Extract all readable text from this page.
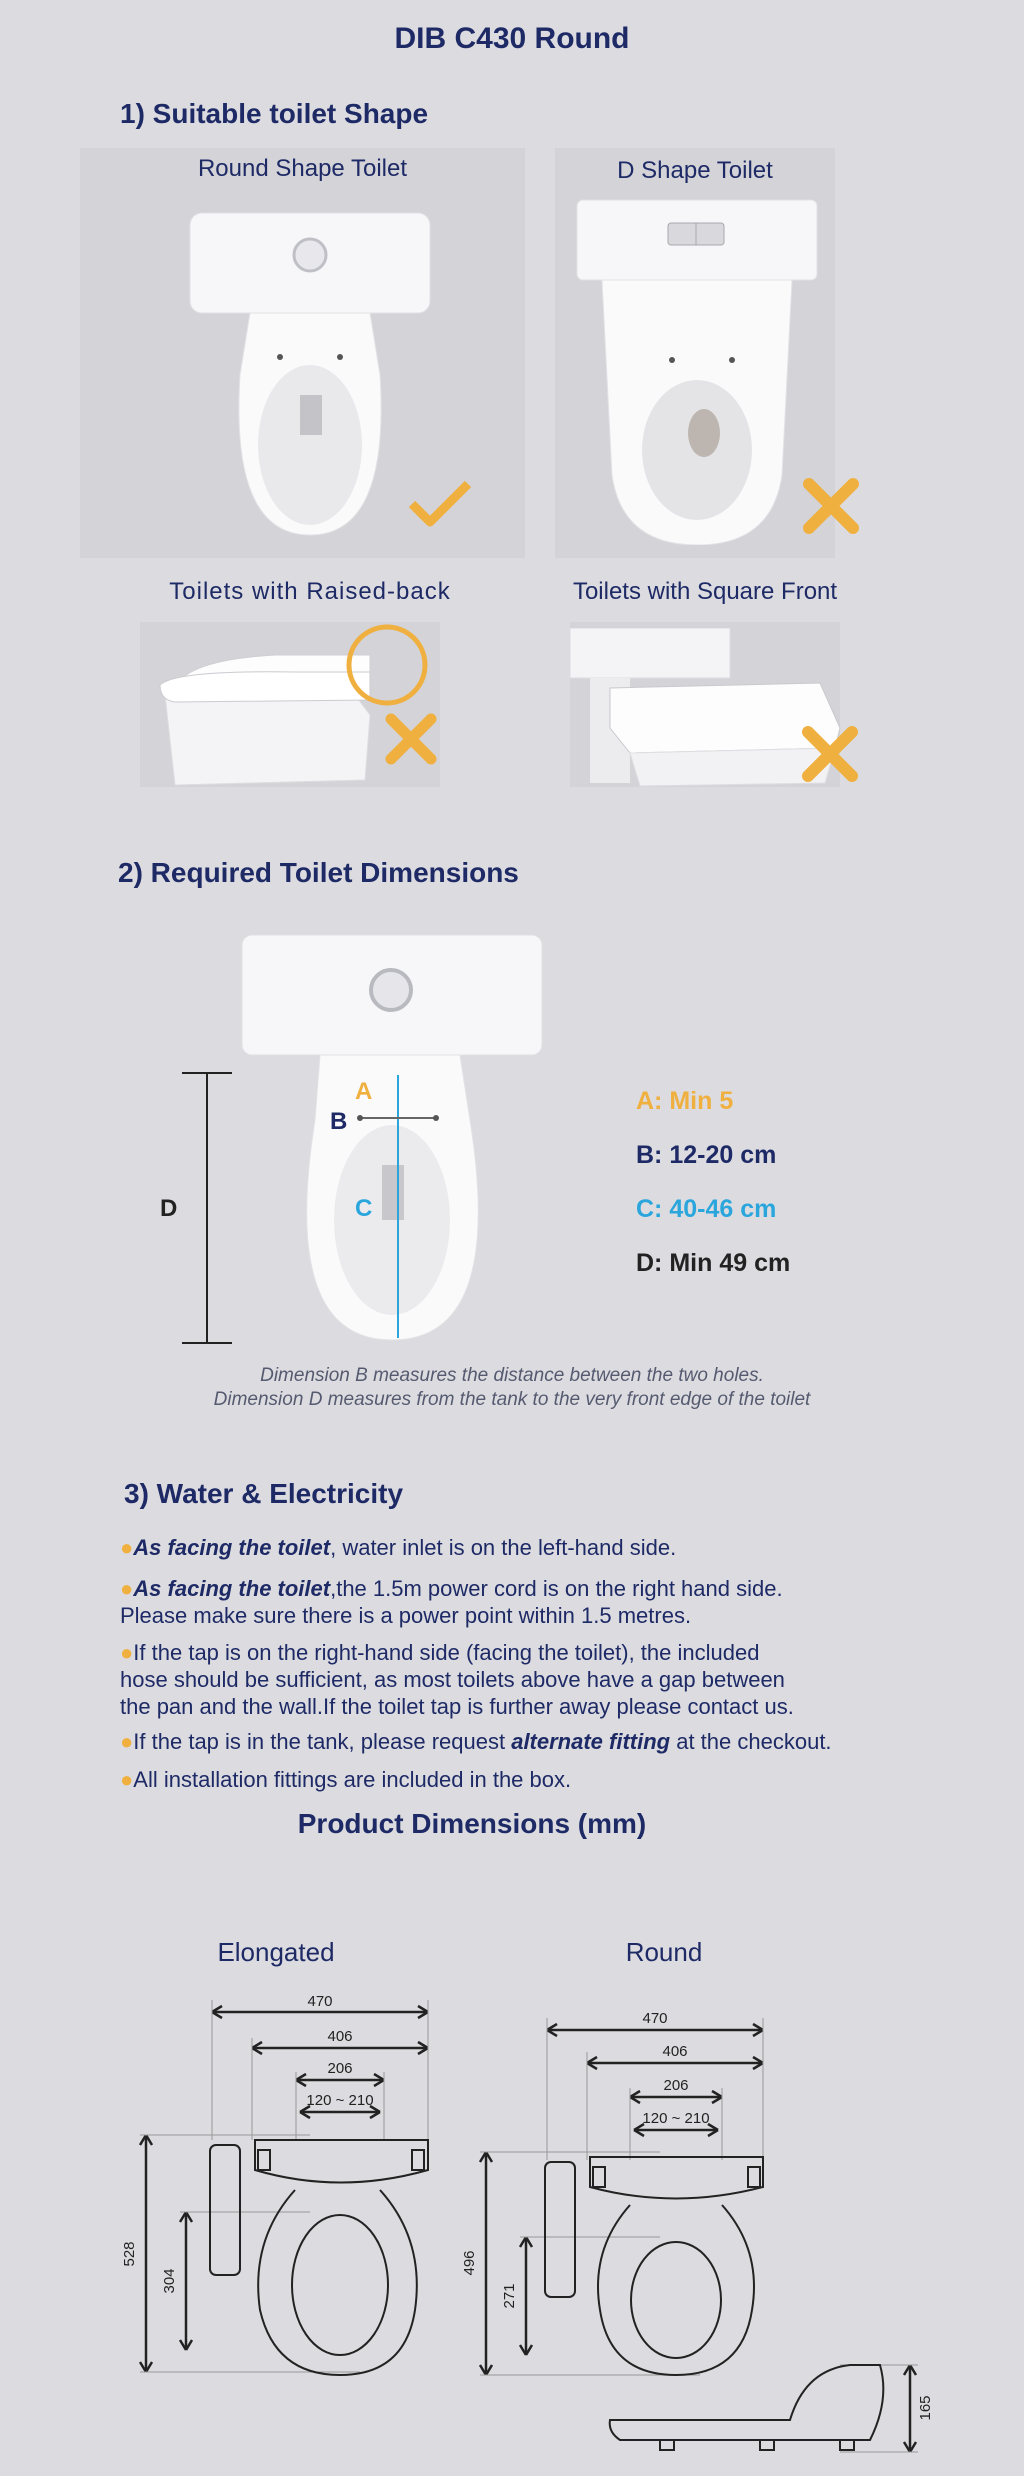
DIB C430 Round
1) Suitable toilet Shape
Round Shape Toilet	D Shape Toilet
Toilets with Raised-back	Toilets with Square Front
2) Required Toilet Dimensions
A
B
C
D
A: Min 5
B: 12-20 cm
C: 40-46 cm
D: Min 49 cm
Dimension B measures the distance between the two holes.
Dimension D measures from the tank to the very front edge of the toilet
3) Water & Electricity
●As facing the toilet, water inlet is on the left-hand side.
●As facing the toilet,the 1.5m power cord is on the right hand side.
Please make sure there is a power point within 1.5 metres.
●If the tap is on the right-hand side (facing the toilet), the included
hose should be sufficient, as most toilets above have a gap between
the pan and the wall.If the toilet tap is further away please contact us.
●If the tap is in the tank, please request alternate fitting at the checkout.
●All installation fittings are included in the box.
Product Dimensions (mm)
Elongated	Round
470
406
206
120 ~ 210
528
304
470
406
206
120 ~ 210
496
271
165
